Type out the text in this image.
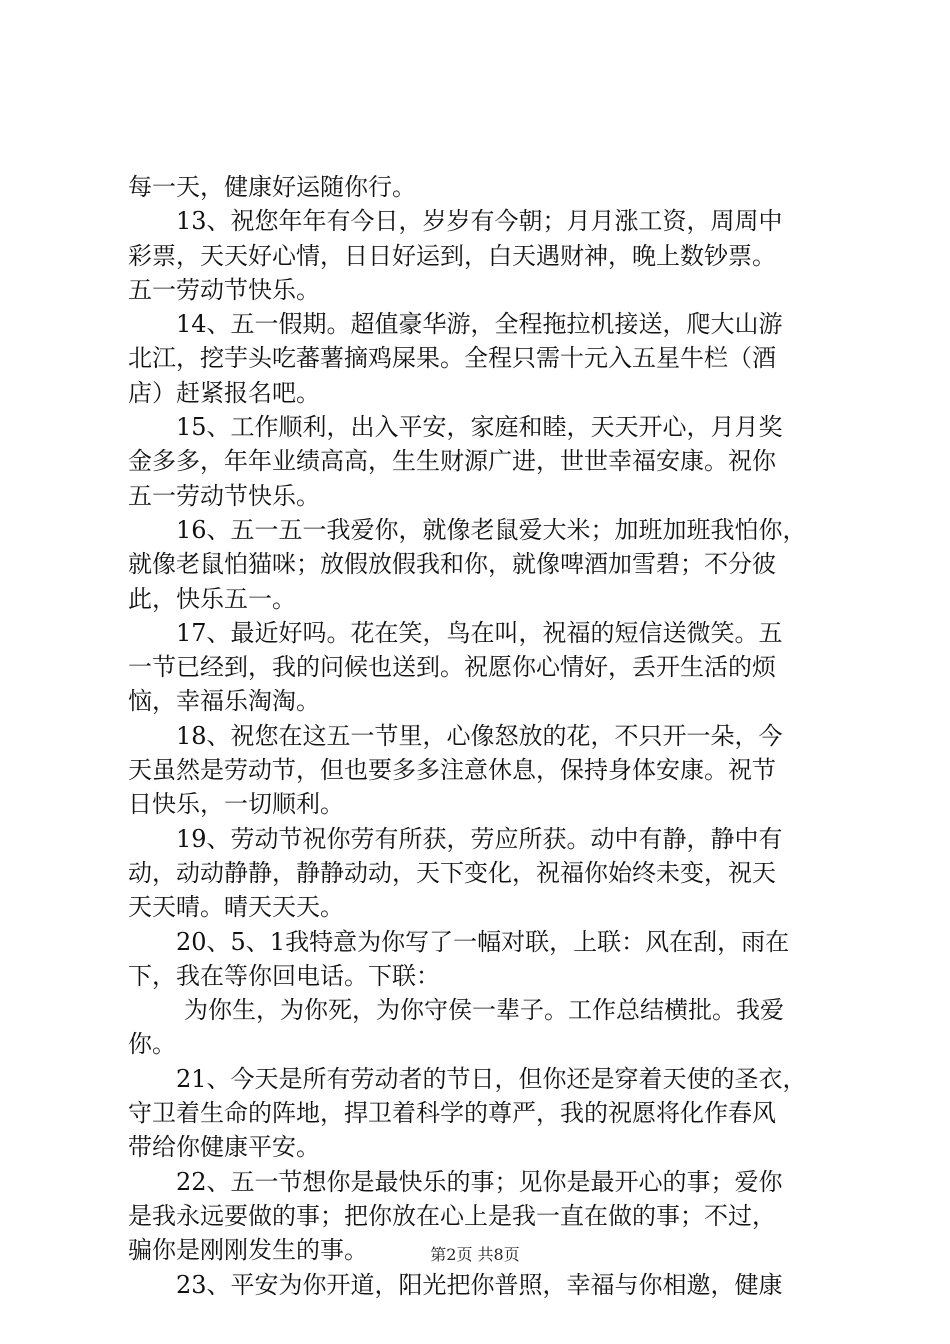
每一天，健康好运随你行。
13、祝您年年有今日，岁岁有今朝；月月涨工资，周周中
彩票，天天好心情，日日好运到，白天遇财神，晚上数钞票。
五一劳动节快乐。
14、五一假期。超值豪华游，全程拖拉机接送，爬大山游
北江，挖芋头吃蕃薯摘鸡屎果。全程只需十元入五星牛栏（酒
店）赶紧报名吧。
15、工作顺利，出入平安，家庭和睦，天天开心，月月奖
金多多，年年业绩高高，生生财源广进，世世幸福安康。祝你
五一劳动节快乐。
16、五一五一我爱你，就像老鼠爱大米；加班加班我怕你，
就像老鼠怕猫咪；放假放假我和你，就像啤酒加雪碧；不分彼
此，快乐五一。
17、最近好吗。花在笑，鸟在叫，祝福的短信送微笑。五
一节已经到，我的问候也送到。祝愿你心情好，丢开生活的烦
恼，幸福乐淘淘。
18、祝您在这五一节里，心像怒放的花，不只开一朵，今
天虽然是劳动节，但也要多多注意休息，保持身体安康。祝节
日快乐，一切顺利。
19、劳动节祝你劳有所获，劳应所获。动中有静，静中有
动，动动静静，静静动动，天下变化，祝福你始终未变，祝天
天天晴。晴天天天。
20、5、1我特意为你写了一幅对联，上联：风在刮，雨在
下，我在等你回电话。下联：
为你生，为你死，为你守侯一辈子。工作总结横批。我爱
你。
21、今天是所有劳动者的节日，但你还是穿着天使的圣衣，
守卫着生命的阵地，捍卫着科学的尊严，我的祝愿将化作春风
带给你健康平安。
22、五一节想你是最快乐的事；见你是最开心的事；爱你
是我永远要做的事；把你放在心上是我一直在做的事；不过，
骗你是刚刚发生的事。
23、平安为你开道，阳光把你普照，幸福与你相邀，健康
第2页 共8页
